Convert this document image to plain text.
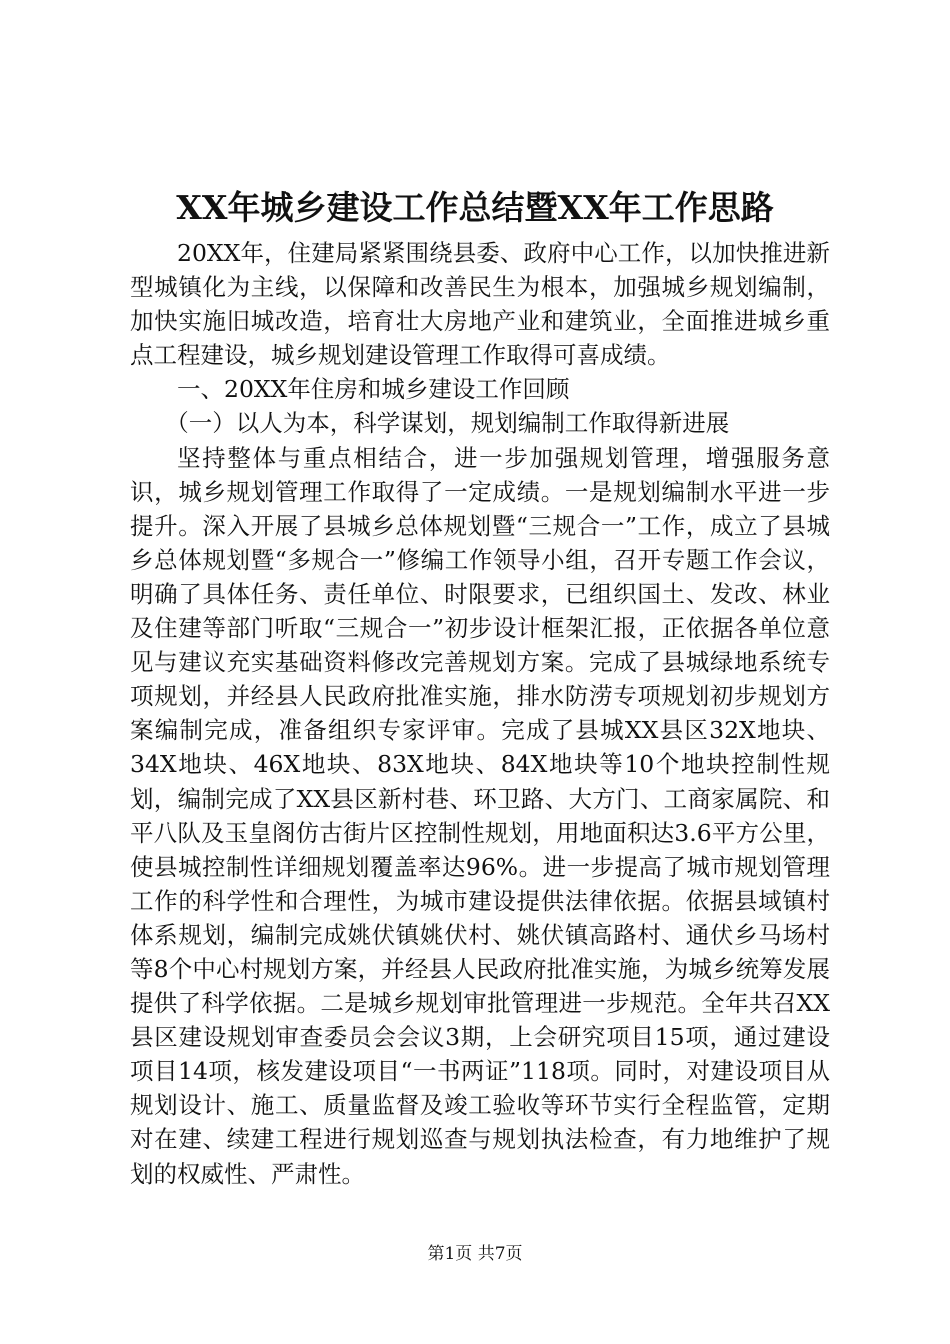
XX年城乡建设工作总结暨XX年工作思路

20XX年，住建局紧紧围绕县委、政府中心工作，以加快推进新型城镇化为主线，以保障和改善民生为根本，加强城乡规划编制，加快实施旧城改造，培育壮大房地产业和建筑业，全面推进城乡重点工程建设，城乡规划建设管理工作取得可喜成绩。

一、20XX年住房和城乡建设工作回顾

（一）以人为本，科学谋划，规划编制工作取得新进展

坚持整体与重点相结合，进一步加强规划管理，增强服务意识，城乡规划管理工作取得了一定成绩。一是规划编制水平进一步提升。深入开展了县城乡总体规划暨“三规合一”工作，成立了县城乡总体规划暨“多规合一”修编工作领导小组，召开专题工作会议，明确了具体任务、责任单位、时限要求，已组织国土、发改、林业及住建等部门听取“三规合一”初步设计框架汇报，正依据各单位意见与建议充实基础资料修改完善规划方案。完成了县城绿地系统专项规划，并经县人民政府批准实施，排水防涝专项规划初步规划方案编制完成，准备组织专家评审。完成了县城XX县区32X地块、34X地块、46X地块、83X地块、84X地块等10个地块控制性规划，编制完成了XX县区新村巷、环卫路、大方门、工商家属院、和平八队及玉皇阁仿古街片区控制性规划，用地面积达3.6平方公里，使县城控制性详细规划覆盖率达96%。进一步提高了城市规划管理工作的科学性和合理性，为城市建设提供法律依据。依据县域镇村体系规划，编制完成姚伏镇姚伏村、姚伏镇高路村、通伏乡马场村等8个中心村规划方案，并经县人民政府批准实施，为城乡统筹发展提供了科学依据。二是城乡规划审批管理进一步规范。全年共召XX县区建设规划审查委员会会议3期，上会研究项目15项，通过建设项目14项，核发建设项目“一书两证”118项。同时，对建设项目从规划设计、施工、质量监督及竣工验收等环节实行全程监管，定期对在建、续建工程进行规划巡查与规划执法检查，有力地维护了规划的权威性、严肃性。

第1页 共7页
